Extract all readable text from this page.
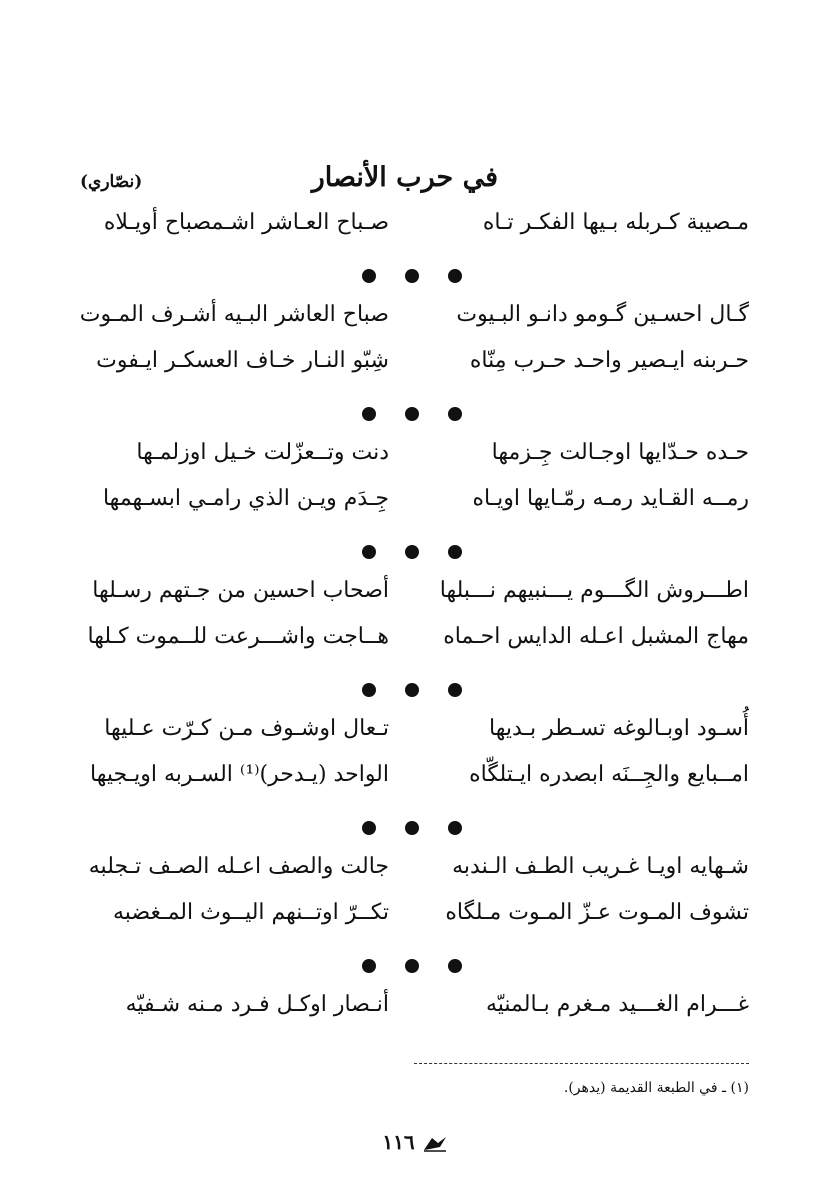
في حرب الأنصار
(نصّاري)
صـباح العـاشر اشـمصباح أويـلاه	مـصيبة كـربله بـيها الفكـر تـاه
صباح العاشر البـيه أشـرف المـوت	گـال احسـين گـومو دانـو البـيوت
شِبّو النـار خـاف العسكـر ايـفوت	حـربنه ايـصير واحـد حـرب مِنّاه
دنت وتــعزّلت خـيل اوزلمـها	حـده حـدّايها اوجـالت جِـزمها
جِـدَم ويـن الذي رامـي ابسـهمها	رمــه القـايد رمـه رمّـايها اويـاه
أصحاب احسين من جـتهم رسـلها	اطـــروش الگـــوم يـــنبيهم نـــبلها
هــاجت واشـــرعت للــموت كـلها	مهاج المشبل اعـله الدايس احـماه
تـعال اوشـوف مـن كـرّت عـليها	أُسـود اوبـالوغه تسـطر بـديها
الواحد (يـدحر)⁽¹⁾ السـربه اويـجيها	امــبايع والجِــنَه ابصدره ايـتلگّاه
جالت والصف اعـله الصـف تـجلبه	شـهايه اويـا غـريب الطـف الـندبه
تكــرّ اوتــنهم اليــوث المـغضبه	تشوف المـوت عـزّ المـوت مـلگاه
أنـصار اوكـل فـرد مـنه شـفيّه	غـــرام الغـــيد مـغرم بـالمنيّه
(١) ـ في الطبعة القديمة (يدهر).
١١٦
